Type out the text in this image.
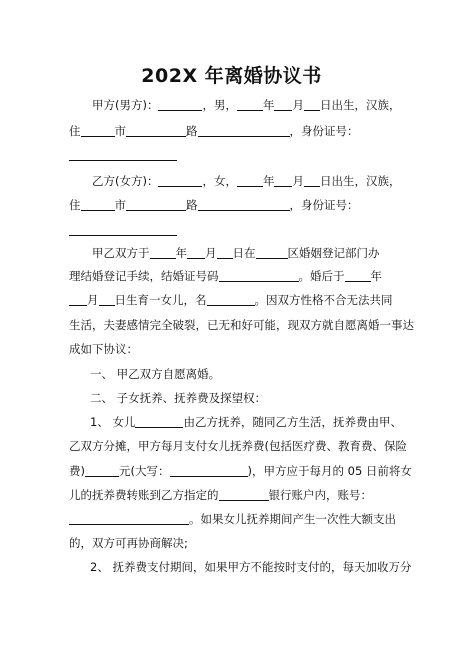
202X 年离婚协议书
甲方(男方)：	，男， 年 月 日出生，汉族，
住	市	路	，身份证号：
乙方(女方)：	，女， 年 月 日出生，汉族，
住	市	路	，身份证号：
甲乙双方于 年 月 日在	区婚姻登记部门办
理结婚登记手续，结婚证号码	。婚后于 年
月 日生育一女儿，名	。因双方性格不合无法共同
生活，夫妻感情完全破裂，已无和好可能，现双方就自愿离婚一事达
成如下协议：
一、 甲乙双方自愿离婚。
二、 子女抚养、抚养费及探望权：
1、 女儿	由乙方抚养，随同乙方生活，抚养费由甲、
乙双方分摊，甲方每月支付女儿抚养费(包括医疗费、教育费、保险
费)	元(大写：	)，甲方应于每月的 05 日前将女
儿的抚养费转账到乙方指定的	银行账户内，账号：
。如果女儿抚养期间产生一次性大额支出
的，双方可再协商解决;
2、 抚养费支付期间，如果甲方不能按时支付的，每天加收万分
